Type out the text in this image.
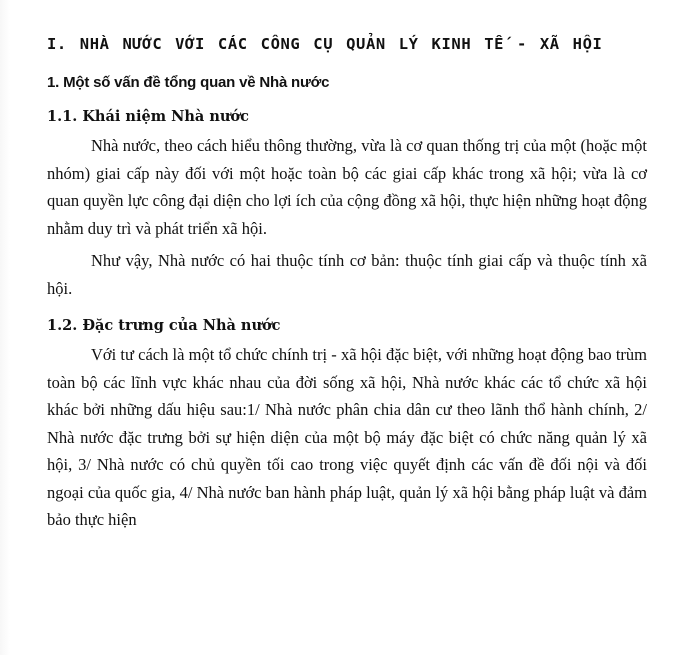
I. NHÀ NƯỚC VỚI CÁC CÔNG CỤ QUẢN LÝ KINH TẾ - XÃ HỘI
1. Một số vấn đề tổng quan về Nhà nước
1.1. Khái niệm Nhà nước

Nhà nước, theo cách hiểu thông thường, vừa là cơ quan thống trị của một (hoặc một nhóm) giai cấp này đối với một hoặc toàn bộ các giai cấp khác trong xã hội; vừa là cơ quan quyền lực công đại diện cho lợi ích của cộng đồng xã hội, thực hiện những hoạt động nhằm duy trì và phát triển xã hội.

Như vậy, Nhà nước có hai thuộc tính cơ bản: thuộc tính giai cấp và thuộc tính xã hội.

1.2. Đặc trưng của Nhà nước

Với tư cách là một tổ chức chính trị - xã hội đặc biệt, với những hoạt động bao trùm toàn bộ các lĩnh vực khác nhau của đời sống xã hội, Nhà nước khác các tổ chức xã hội khác bởi những dấu hiệu sau:1/ Nhà nước phân chia dân cư theo lãnh thổ hành chính, 2/ Nhà nước đặc trưng bởi sự hiện diện của một bộ máy đặc biệt có chức năng quản lý xã hội, 3/ Nhà nước có chủ quyền tối cao trong việc quyết định các vấn đề đối nội và đối ngoại của quốc gia, 4/ Nhà nước ban hành pháp luật, quản lý xã hội bằng pháp luật và đảm bảo thực hiện
